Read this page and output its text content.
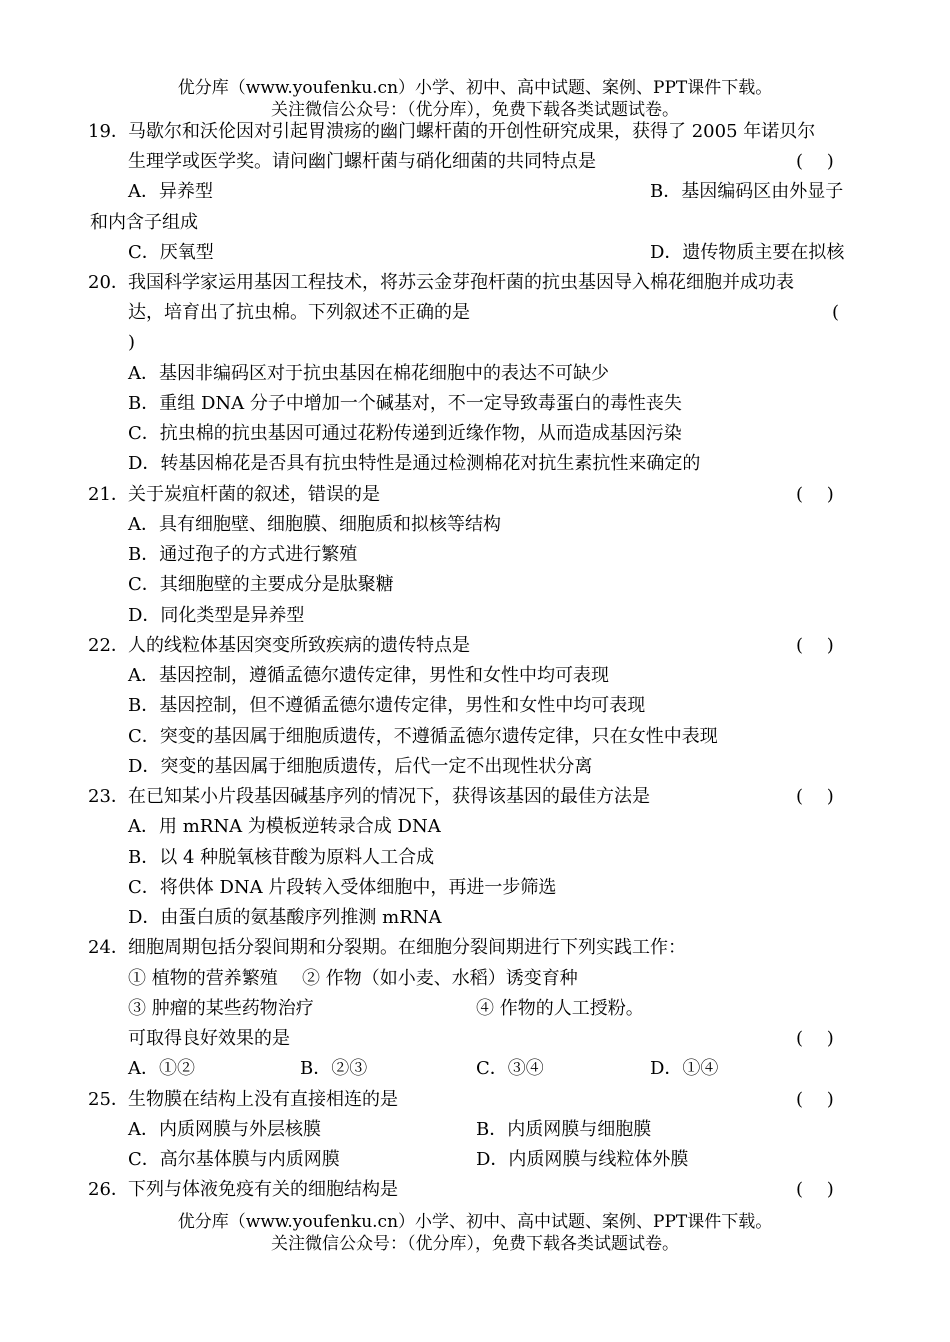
优分库（www.youfenku.cn）小学、初中、高中试题、案例、PPT课件下载。
关注微信公众号：（优分库），免费下载各类试题试卷。
19． 马歇尔和沃伦因对引起胃溃疡的幽门螺杆菌的开创性研究成果，获得了 2005 年诺贝尔
生理学或医学奖。请问幽门螺杆菌与硝化细菌的共同特点是	(　 )
A．异养型	B．基因编码区由外显子
和内含子组成
C．厌氧型	D．遗传物质主要在拟核
20． 我国科学家运用基因工程技术，将苏云金芽孢杆菌的抗虫基因导入棉花细胞并成功表
达，培育出了抗虫棉。下列叙述不正确的是	(
)
A．基因非编码区对于抗虫基因在棉花细胞中的表达不可缺少
B．重组 DNA 分子中增加一个碱基对，不一定导致毒蛋白的毒性丧失
C．抗虫棉的抗虫基因可通过花粉传递到近缘作物，从而造成基因污染
D．转基因棉花是否具有抗虫特性是通过检测棉花对抗生素抗性来确定的
21． 关于炭疽杆菌的叙述，错误的是	(　 )
A．具有细胞壁、细胞膜、细胞质和拟核等结构
B．通过孢子的方式进行繁殖
C．其细胞壁的主要成分是肽聚糖
D．同化类型是异养型
22． 人的线粒体基因突变所致疾病的遗传特点是	(　 )
A．基因控制，遵循孟德尔遗传定律，男性和女性中均可表现
B．基因控制，但不遵循孟德尔遗传定律，男性和女性中均可表现
C．突变的基因属于细胞质遗传，不遵循孟德尔遗传定律，只在女性中表现
D．突变的基因属于细胞质遗传，后代一定不出现性状分离
23． 在已知某小片段基因碱基序列的情况下，获得该基因的最佳方法是	(　 )
A．用 mRNA 为模板逆转录合成 DNA
B．以 4 种脱氧核苷酸为原料人工合成
C．将供体 DNA 片段转入受体细胞中，再进一步筛选
D．由蛋白质的氨基酸序列推测 mRNA
24． 细胞周期包括分裂间期和分裂期。在细胞分裂间期进行下列实践工作：
① 植物的营养繁殖 ② 作物（如小麦、水稻）诱变育种
③ 肿瘤的某些药物治疗	④ 作物的人工授粉。
可取得良好效果的是	(　 )
A．①②	B．②③	C．③④	D．①④
25． 生物膜在结构上没有直接相连的是	(　 )
A．内质网膜与外层核膜	B．内质网膜与细胞膜
C．高尔基体膜与内质网膜	D．内质网膜与线粒体外膜
26． 下列与体液免疫有关的细胞结构是	(　 )
优分库（www.youfenku.cn）小学、初中、高中试题、案例、PPT课件下载。
关注微信公众号：（优分库），免费下载各类试题试卷。
